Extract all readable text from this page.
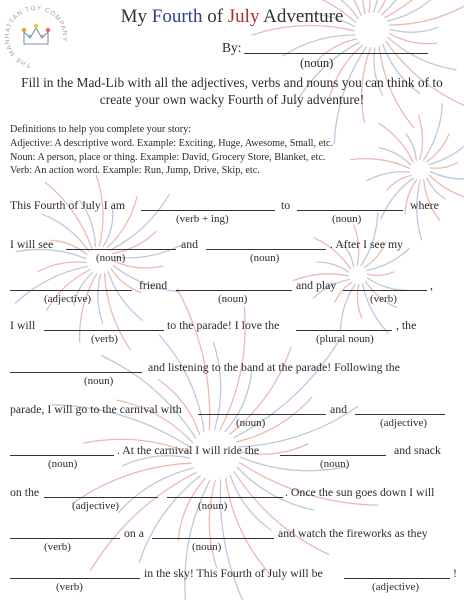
THE MANHATTAN TOY COMPANY
My Fourth of July Adventure
By:
(noun)
Fill in the Mad-Lib with all the adjectives, verbs and nouns you can think of to create your own wacky Fourth of July adventure!
Definitions to help you complete your story:
Adjective: A descriptive word. Example: Exciting, Huge, Awesome, Small, etc.
Noun: A person, place or thing. Example: David, Grocery Store, Blanket, etc.
Verb: An action word. Example: Run, Jump, Drive, Skip, etc.
This Fourth of July I am	to	where
(verb + ing)	(noun)
I will see	and	. After I see my
(noun)	(noun)
friend	and play	,
(adjective)	(noun)	(verb)
I will	to the parade! I love the	, the
(verb)	(plural noun)
and listening to the band at the parade! Following the
(noun)
parade, I will go to the carnival with	and
(noun)	(adjective)
. At the carnival I will ride the	and snack
(noun)	(noun)
on the	. Once the sun goes down I will
(adjective)	(noun)
on a	and watch the fireworks as they
(verb)	(noun)
in the sky! This Fourth of July will be	!
(verb)	(adjective)
